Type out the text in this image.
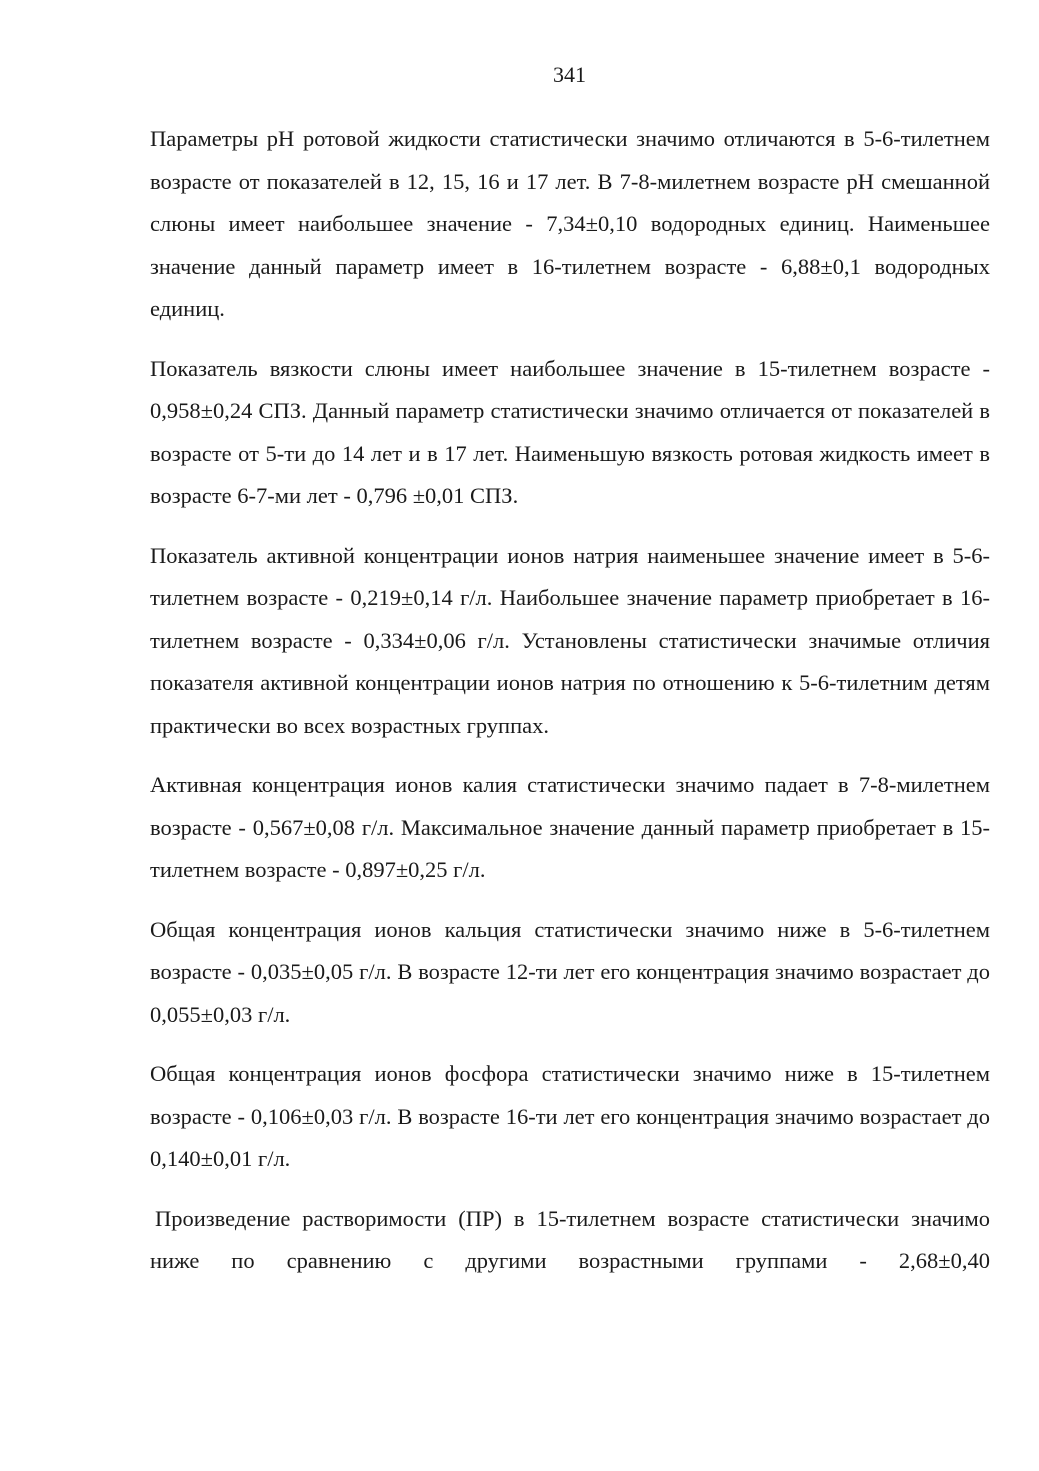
341

Параметры рН ротовой жидкости статистически значимо отличаются в 5-6-тилетнем возрасте от показателей в 12, 15, 16 и 17 лет. В 7-8-милетнем возрасте рН смешанной слюны имеет наибольшее значение - 7,34±0,10 водородных единиц. Наименьшее значение данный параметр имеет в 16-тилетнем возрасте - 6,88±0,1 водородных единиц.

Показатель вязкости слюны имеет наибольшее значение в 15-тилетнем возрасте - 0,958±0,24 СПЗ. Данный параметр статистически значимо отличается от показателей в возрасте от 5-ти до 14 лет и в 17 лет. Наименьшую вязкость ротовая жидкость имеет в возрасте 6-7-ми лет - 0,796 ±0,01 СПЗ.

Показатель активной концентрации ионов натрия наименьшее значение имеет в 5-6-тилетнем возрасте - 0,219±0,14 г/л. Наибольшее значение параметр приобретает в 16-тилетнем возрасте - 0,334±0,06 г/л. Установлены статистически значимые отличия показателя активной концентрации ионов натрия по отношению к 5-6-тилетним детям практически во всех возрастных группах.

Активная концентрация ионов калия статистически значимо падает в 7-8-милетнем возрасте - 0,567±0,08 г/л. Максимальное значение данный параметр приобретает в 15-тилетнем возрасте - 0,897±0,25 г/л.

Общая концентрация ионов кальция статистически значимо ниже в 5-6-тилетнем возрасте - 0,035±0,05 г/л. В возрасте 12-ти лет его концентрация значимо возрастает до 0,055±0,03 г/л.

Общая концентрация ионов фосфора статистически значимо ниже в 15-тилетнем возрасте - 0,106±0,03 г/л. В возрасте 16-ти лет его концентрация значимо возрастает до 0,140±0,01 г/л.

Произведение растворимости (ПР) в 15-тилетнем возрасте статистически значимо ниже по сравнению с другими возрастными группами - 2,68±0,40
